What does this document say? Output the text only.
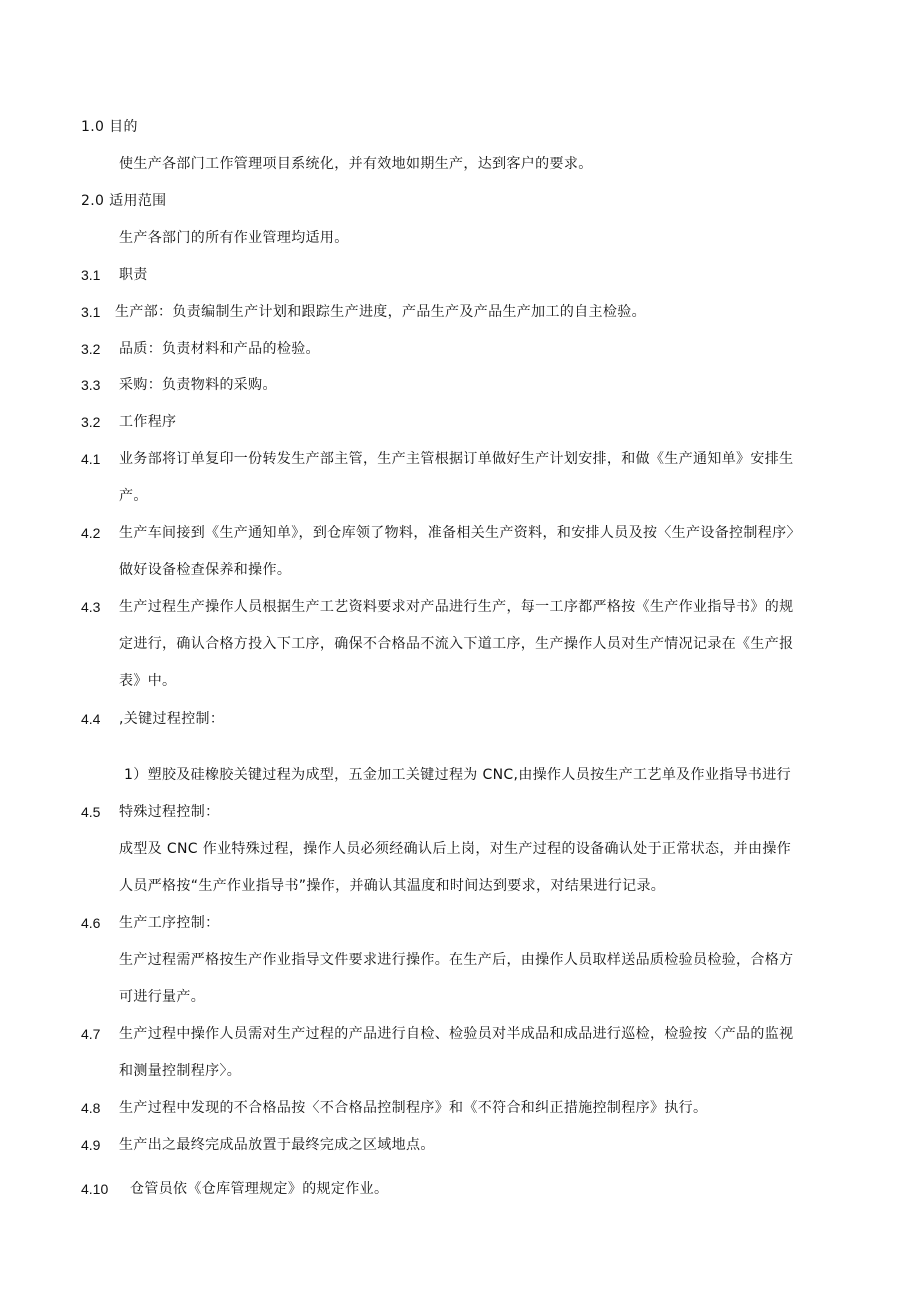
1.0 目的
使生产各部门工作管理项目系统化，并有效地如期生产，达到客户的要求。
2.0 适用范围
生产各部门的所有作业管理均适用。
3.1 职责
3.1 生产部：负责编制生产计划和跟踪生产进度，产品生产及产品生产加工的自主检验。
3.2 品质：负责材料和产品的检验。
3.3 采购：负责物料的采购。
3.2 工作程序
4.1 业务部将订单复印一份转发生产部主管，生产主管根据订单做好生产计划安排，和做《生产通知单》安排生
产。
4.2 生产车间接到《生产通知单》，到仓库领了物料，准备相关生产资料，和安排人员及按〈生产设备控制程序〉
做好设备检查保养和操作。
4.3 生产过程生产操作人员根据生产工艺资料要求对产品进行生产，每一工序都严格按《生产作业指导书》的规
定进行，确认合格方投入下工序，确保不合格品不流入下道工序，生产操作人员对生产情况记录在《生产报
表》中。
4.4 ,关键过程控制：
1）塑胶及硅橡胶关键过程为成型，五金加工关键过程为 CNC,由操作人员按生产工艺单及作业指导书进行
4.5 特殊过程控制：
成型及 CNC 作业特殊过程，操作人员必须经确认后上岗，对生产过程的设备确认处于正常状态，并由操作
人员严格按“生产作业指导书”操作，并确认其温度和时间达到要求，对结果进行记录。
4.6 生产工序控制：
生产过程需严格按生产作业指导文件要求进行操作。在生产后，由操作人员取样送品质检验员检验，合格方
可进行量产。
4.7 生产过程中操作人员需对生产过程的产品进行自检、检验员对半成品和成品进行巡检，检验按〈产品的监视
和测量控制程序〉。
4.8 生产过程中发现的不合格品按〈不合格品控制程序》和《不符合和纠正措施控制程序》执行。
4.9 生产出之最终完成品放置于最终完成之区域地点。
4.10 仓管员依《仓库管理规定》的规定作业。
